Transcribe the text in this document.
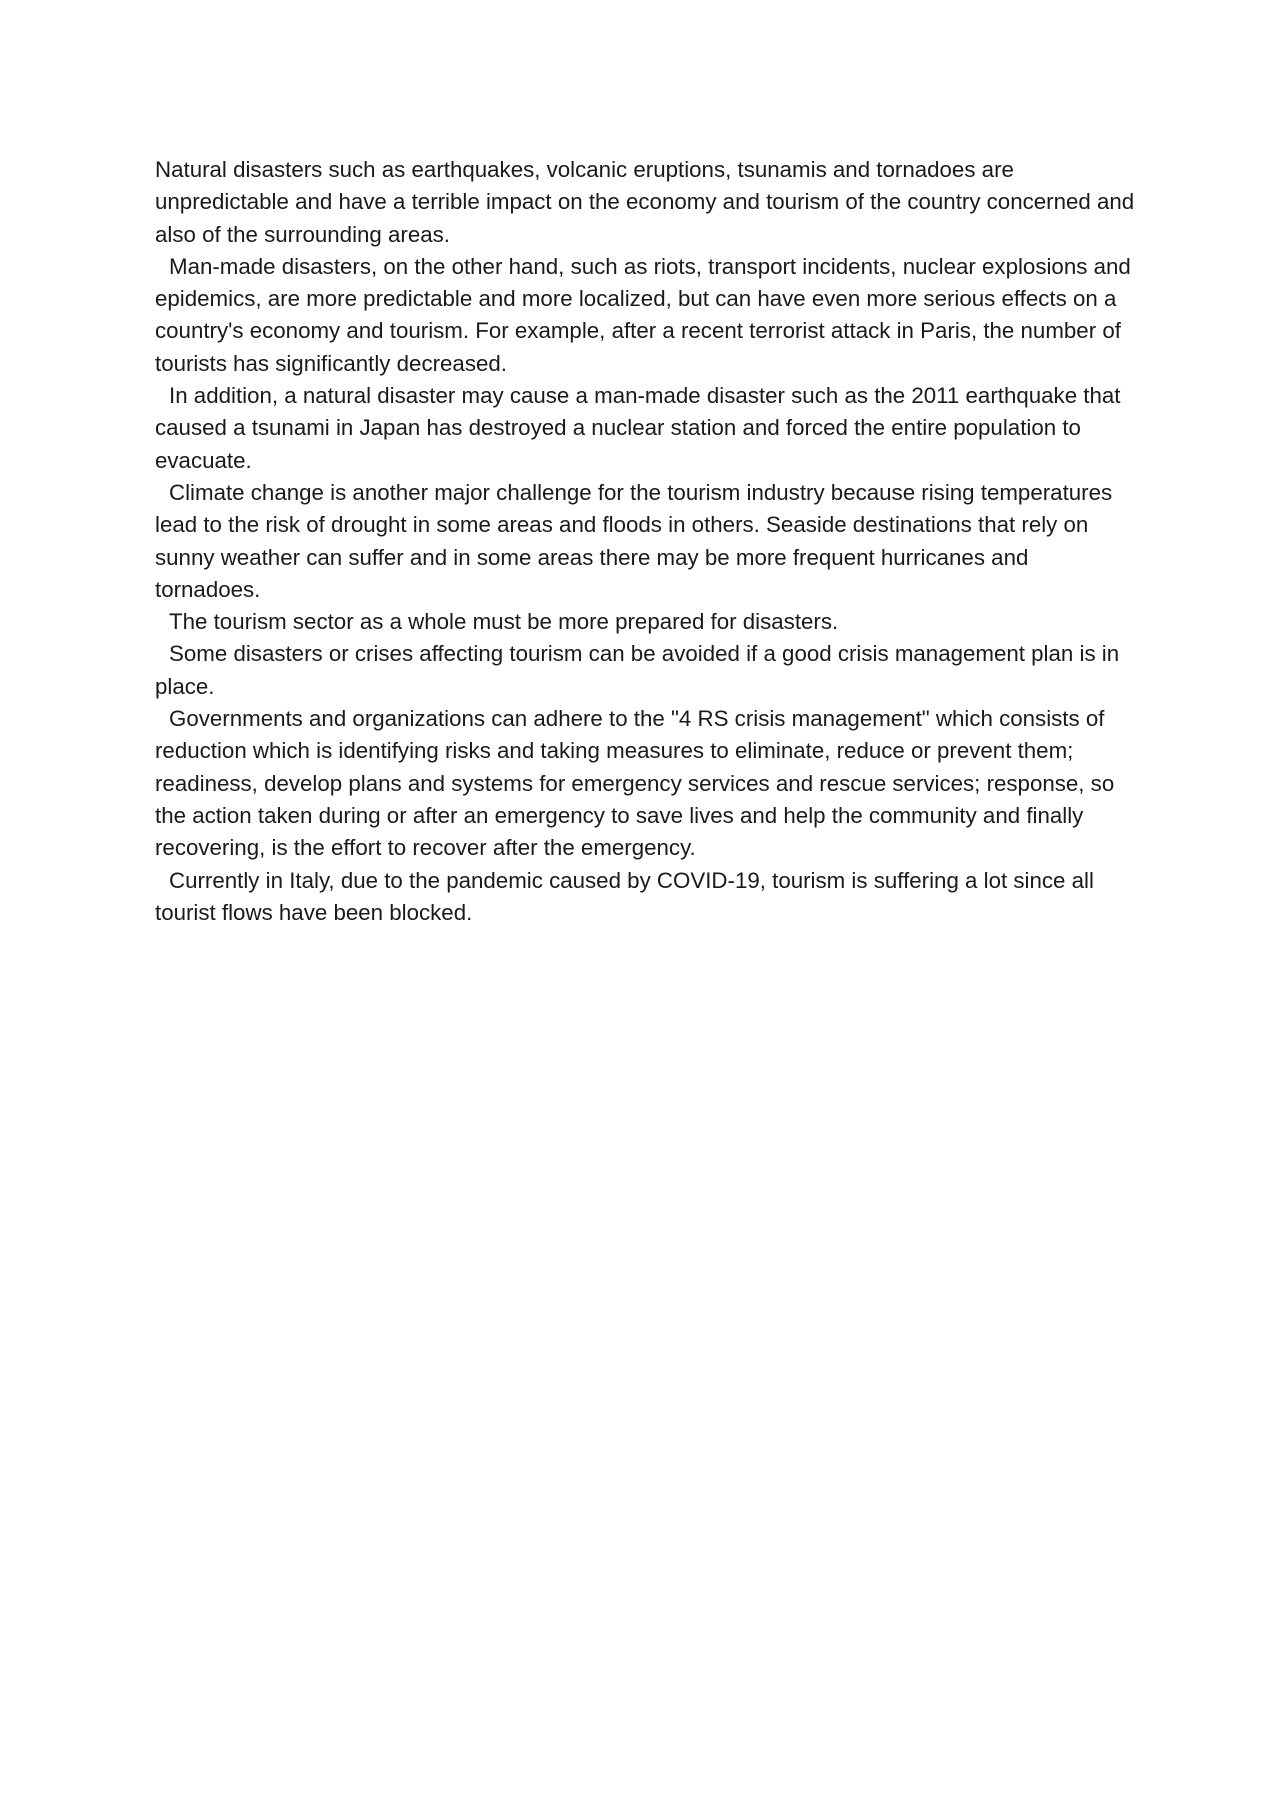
Natural disasters such as earthquakes, volcanic eruptions, tsunamis and tornadoes are unpredictable and have a terrible impact on the economy and tourism of the country concerned and also of the surrounding areas.

Man-made disasters, on the other hand, such as riots, transport incidents, nuclear explosions and epidemics, are more predictable and more localized, but can have even more serious effects on a country's economy and tourism. For example, after a recent terrorist attack in Paris, the number of tourists has significantly decreased.

In addition, a natural disaster may cause a man-made disaster such as the 2011 earthquake that caused a tsunami in Japan has destroyed a nuclear station and forced the entire population to evacuate.

Climate change is another major challenge for the tourism industry because rising temperatures lead to the risk of drought in some areas and floods in others. Seaside destinations that rely on sunny weather can suffer and in some areas there may be more frequent hurricanes and tornadoes.

The tourism sector as a whole must be more prepared for disasters.

Some disasters or crises affecting tourism can be avoided if a good crisis management plan is in place.

Governments and organizations can adhere to the "4 RS crisis management" which consists of reduction which is identifying risks and taking measures to eliminate, reduce or prevent them; readiness, develop plans and systems for emergency services and rescue services; response, so the action taken during or after an emergency to save lives and help the community and finally recovering, is the effort to recover after the emergency.

Currently in Italy, due to the pandemic caused by COVID-19, tourism is suffering a lot since all tourist flows have been blocked.
